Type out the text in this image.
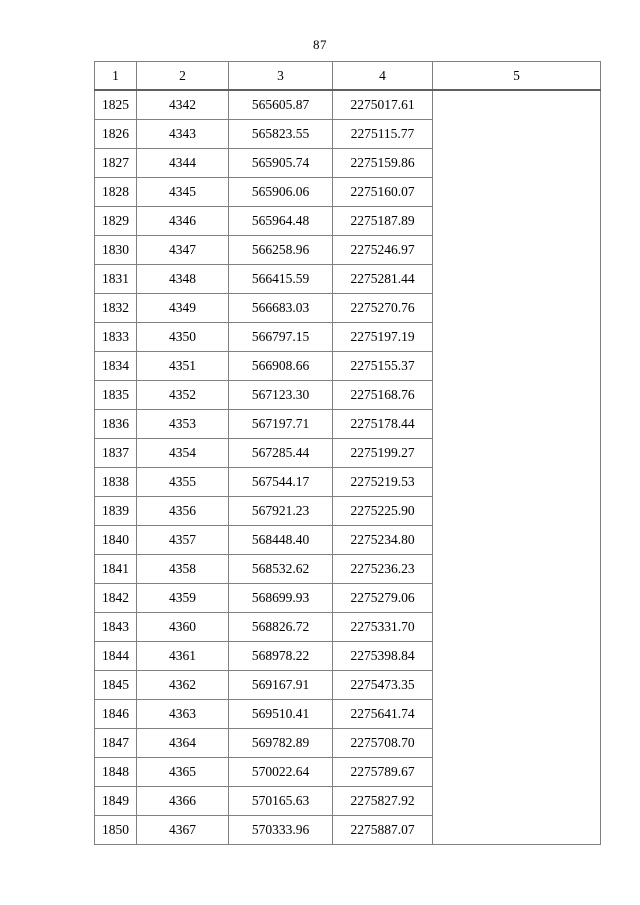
87
1	2	3	4	5
1825	4342	565605.87	2275017.61	
1826	4343	565823.55	2275115.77	
1827	4344	565905.74	2275159.86	
1828	4345	565906.06	2275160.07	
1829	4346	565964.48	2275187.89	
1830	4347	566258.96	2275246.97	
1831	4348	566415.59	2275281.44	
1832	4349	566683.03	2275270.76	
1833	4350	566797.15	2275197.19	
1834	4351	566908.66	2275155.37	
1835	4352	567123.30	2275168.76	
1836	4353	567197.71	2275178.44	
1837	4354	567285.44	2275199.27	
1838	4355	567544.17	2275219.53	
1839	4356	567921.23	2275225.90	
1840	4357	568448.40	2275234.80	
1841	4358	568532.62	2275236.23	
1842	4359	568699.93	2275279.06	
1843	4360	568826.72	2275331.70	
1844	4361	568978.22	2275398.84	
1845	4362	569167.91	2275473.35	
1846	4363	569510.41	2275641.74	
1847	4364	569782.89	2275708.70	
1848	4365	570022.64	2275789.67	
1849	4366	570165.63	2275827.92	
1850	4367	570333.96	2275887.07	
